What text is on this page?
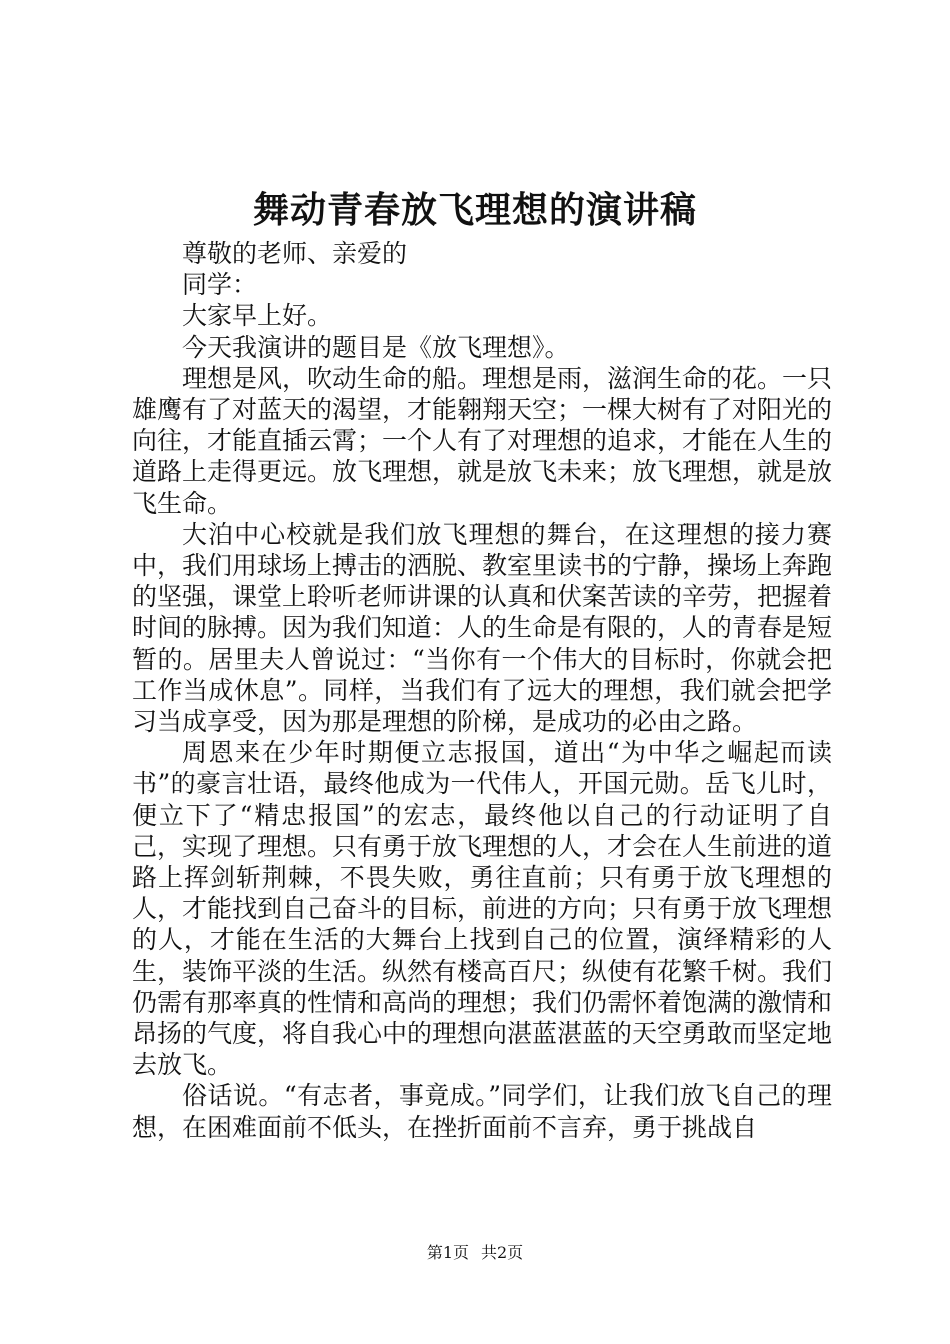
舞动青春放飞理想的演讲稿

尊敬的老师、亲爱的

同学：

大家早上好。

今天我演讲的题目是《放飞理想》。

理想是风，吹动生命的船。理想是雨，滋润生命的花。一只雄鹰有了对蓝天的渴望，才能翱翔天空；一棵大树有了对阳光的向往，才能直插云霄；一个人有了对理想的追求，才能在人生的道路上走得更远。放飞理想，就是放飞未来；放飞理想，就是放飞生命。

大泊中心校就是我们放飞理想的舞台，在这理想的接力赛中，我们用球场上搏击的洒脱、教室里读书的宁静，操场上奔跑的坚强，课堂上聆听老师讲课的认真和伏案苦读的辛劳，把握着时间的脉搏。因为我们知道：人的生命是有限的，人的青春是短暂的。居里夫人曾说过：“当你有一个伟大的目标时，你就会把工作当成休息”。同样，当我们有了远大的理想，我们就会把学习当成享受，因为那是理想的阶梯，是成功的必由之路。

周恩来在少年时期便立志报国，道出“为中华之崛起而读书”的豪言壮语，最终他成为一代伟人，开国元勋。岳飞儿时，便立下了“精忠报国”的宏志，最终他以自己的行动证明了自己，实现了理想。只有勇于放飞理想的人，才会在人生前进的道路上挥剑斩荆棘，不畏失败，勇往直前；只有勇于放飞理想的人，才能找到自己奋斗的目标，前进的方向；只有勇于放飞理想的人，才能在生活的大舞台上找到自己的位置，演绎精彩的人生，装饰平淡的生活。纵然有楼高百尺；纵使有花繁千树。我们仍需有那率真的性情和高尚的理想；我们仍需怀着饱满的激情和昂扬的气度，将自我心中的理想向湛蓝湛蓝的天空勇敢而坚定地去放飞。

俗话说。“有志者，事竟成。”同学们，让我们放飞自己的理想，在困难面前不低头，在挫折面前不言弃，勇于挑战自

第1页 共2页
